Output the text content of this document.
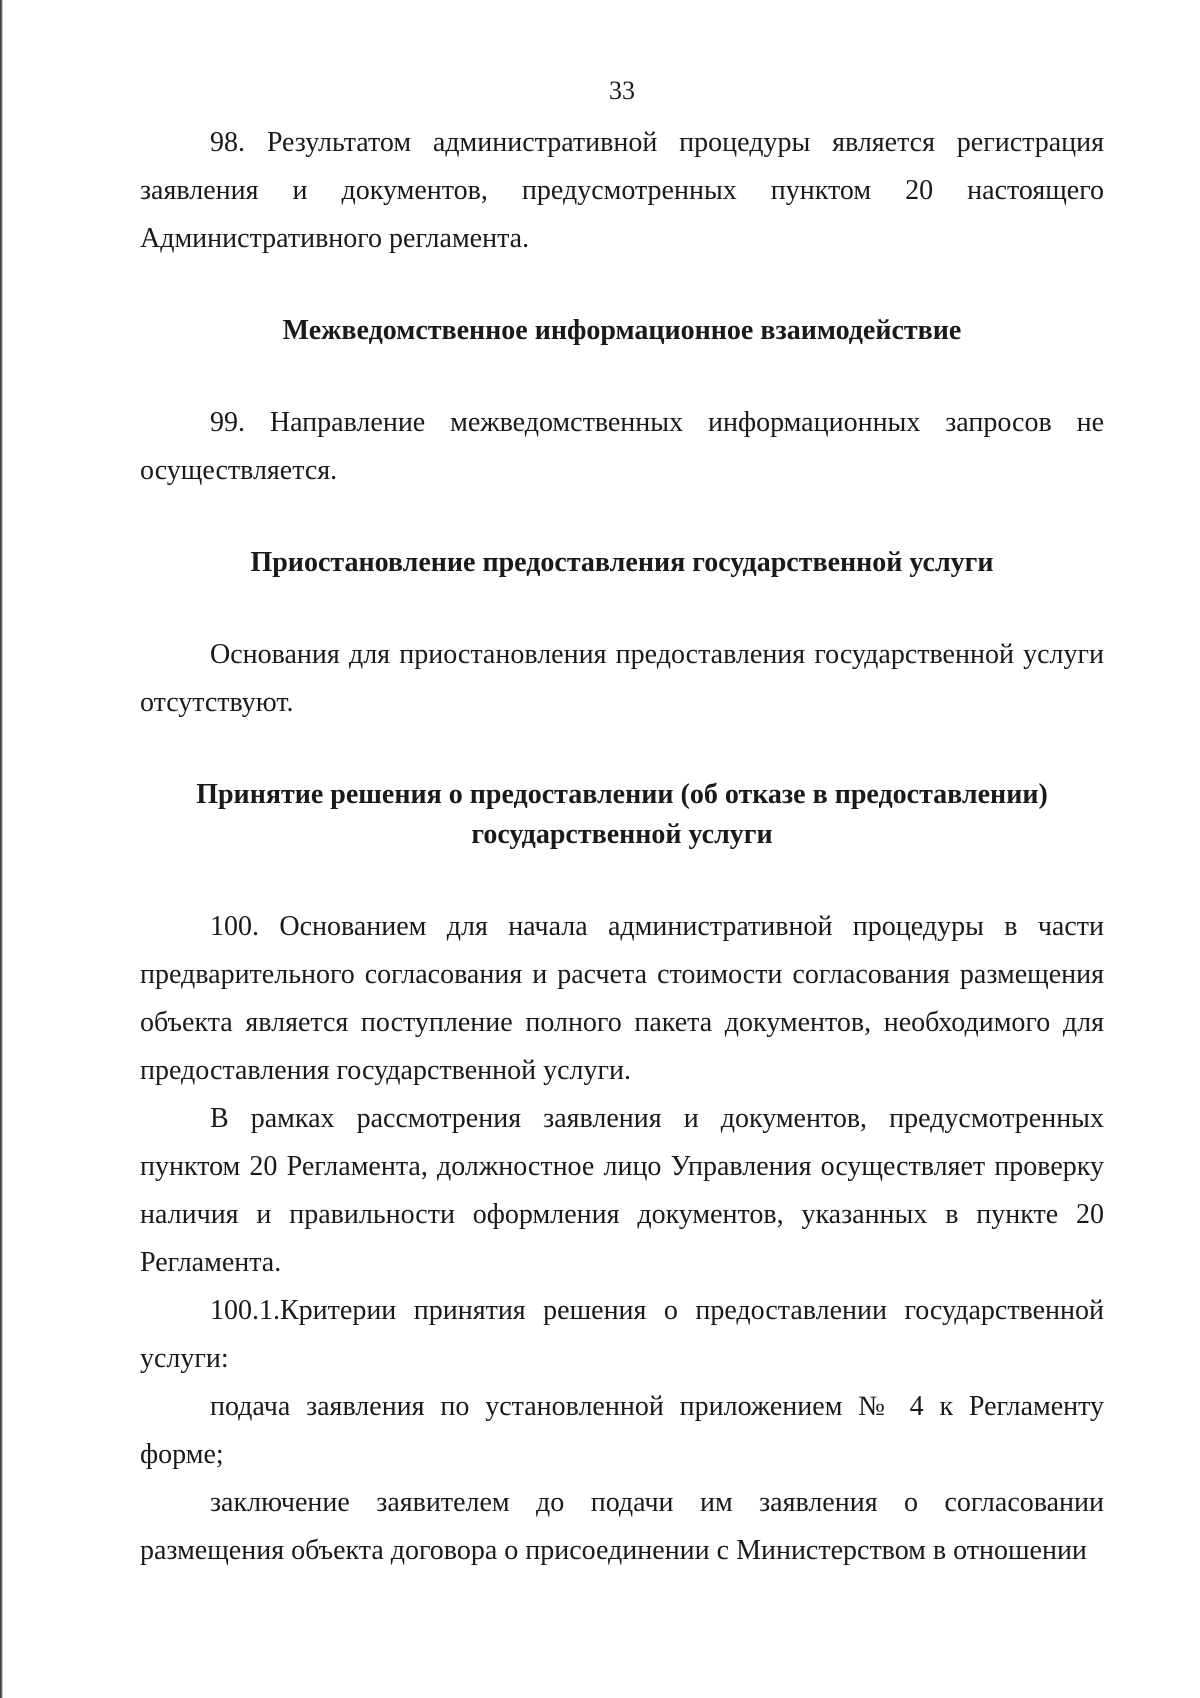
33

98. Результатом административной процедуры является регистрация заявления и документов, предусмотренных пунктом 20 настоящего Административного регламента.

Межведомственное информационное взаимодействие

99. Направление межведомственных информационных запросов не осуществляется.

Приостановление предоставления государственной услуги

Основания для приостановления предоставления государственной услуги отсутствуют.

Принятие решения о предоставлении (об отказе в предоставлении)
государственной услуги

100. Основанием для начала административной процедуры в части предварительного согласования и расчета стоимости согласования размещения объекта является поступление полного пакета документов, необходимого для предоставления государственной услуги.

В рамках рассмотрения заявления и документов, предусмотренных пунктом 20 Регламента, должностное лицо Управления осуществляет проверку наличия и правильности оформления документов, указанных в пункте 20 Регламента.

100.1.Критерии принятия решения о предоставлении государственной услуги:

подача заявления по установленной приложением № 4 к Регламенту форме;

заключение заявителем до подачи им заявления о согласовании размещения объекта договора о присоединении с Министерством в отношении
